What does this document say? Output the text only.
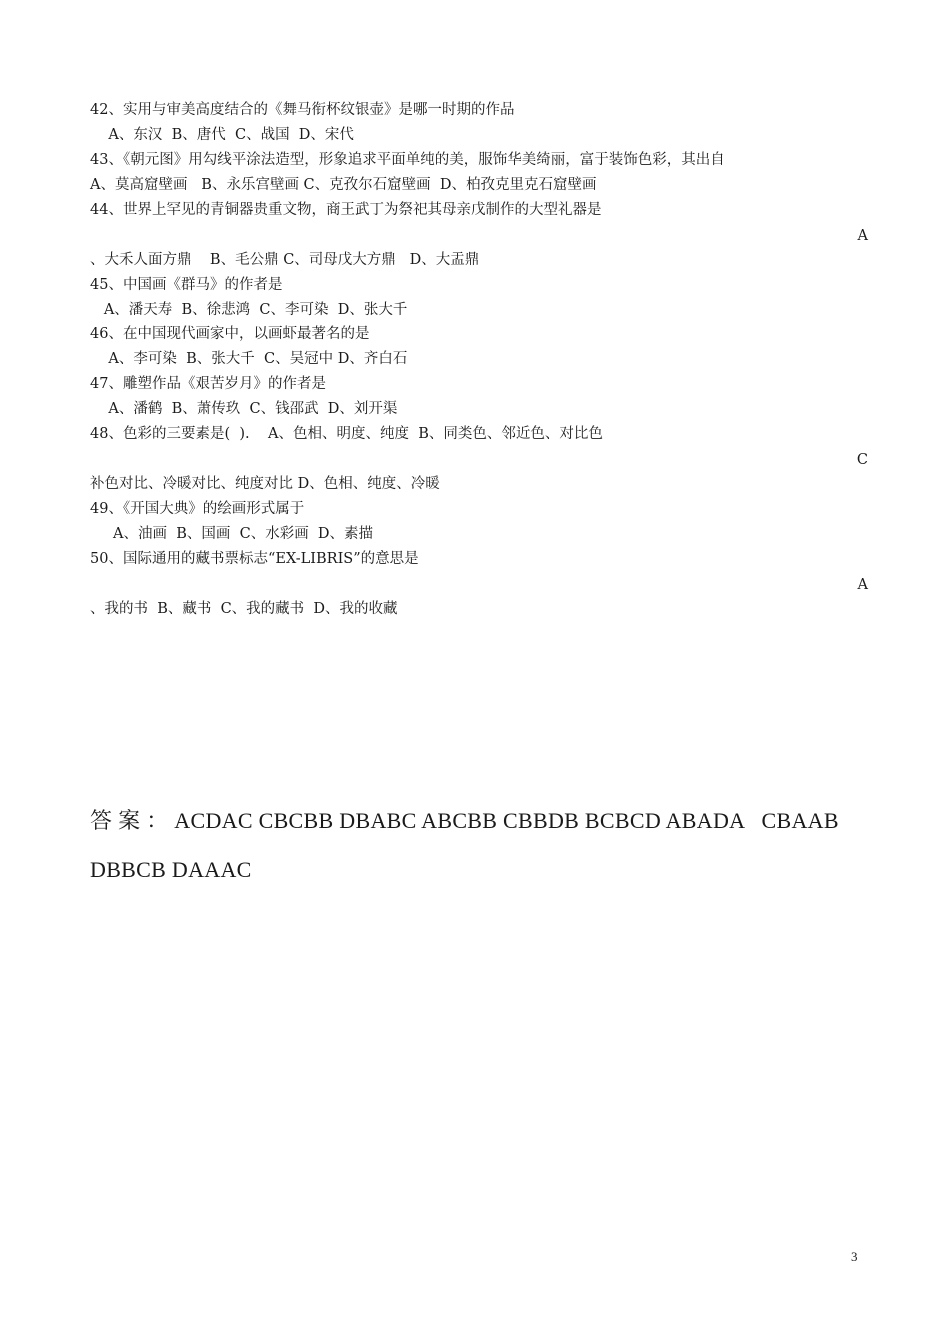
42、实用与审美高度结合的《舞马衔杯纹银壶》是哪一时期的作品
A、东汉  B、唐代  C、战国  D、宋代
43、《朝元图》用勾线平涂法造型，形象追求平面单纯的美，服饰华美绮丽，富于装饰色彩，其出自
A、莫高窟壁画   B、永乐宫壁画 C、克孜尔石窟壁画  D、柏孜克里克石窟壁画
44、世界上罕见的青铜器贵重文物，商王武丁为祭祀其母亲戊制作的大型礼器是
A
、大禾人面方鼎    B、毛公鼎 C、司母戊大方鼎   D、大盂鼎
45、中国画《群马》的作者是
A、潘天寿  B、徐悲鸿  C、李可染  D、张大千
46、在中国现代画家中，以画虾最著名的是
A、李可染  B、张大千  C、吴冠中 D、齐白石
47、雕塑作品《艰苦岁月》的作者是
A、潘鹤  B、萧传玖  C、钱邵武  D、刘开渠
48、色彩的三要素是(  ).    A、色相、明度、纯度  B、同类色、邻近色、对比色
C
补色对比、冷暖对比、纯度对比 D、色相、纯度、冷暖
49、《开国大典》的绘画形式属于
A、油画  B、国画  C、水彩画  D、素描
50、国际通用的藏书票标志“EX-LIBRIS”的意思是
A
、我的书  B、藏书  C、我的藏书  D、我的收藏
答 案 ： ACDAC CBCBB DBABC ABCBB CBBDB BCBCD ABADA   CBAAB
DBBCB DAAAC
3
